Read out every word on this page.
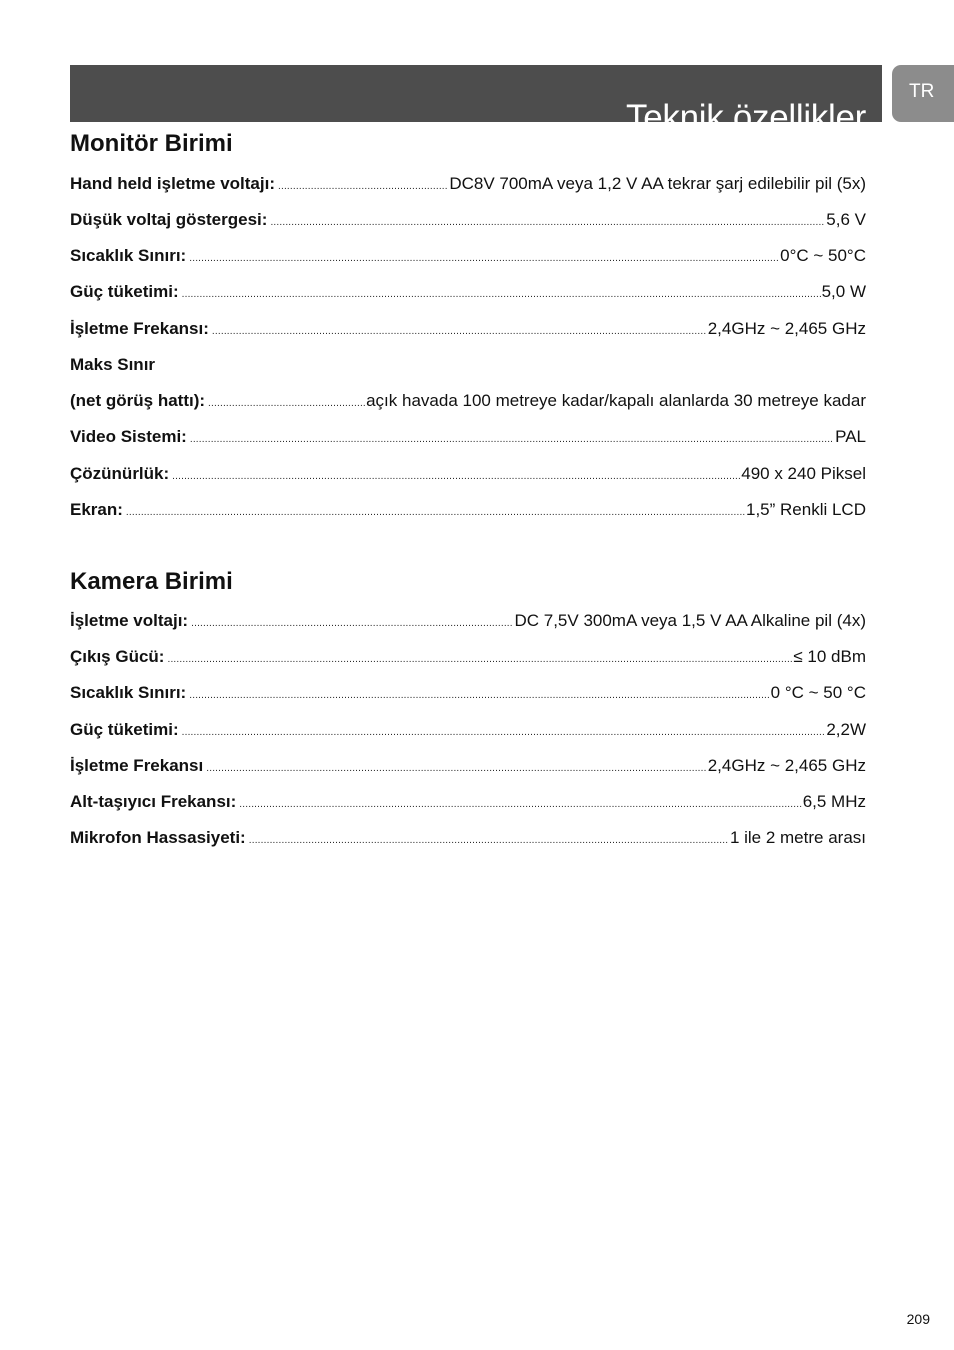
Teknik özellikler
TR
Monitör Birimi
Hand held işletme voltajı: .....	DC8V 700mA veya 1,2 V AA tekrar şarj edilebilir pil (5x)
Düşük voltaj göstergesi: .....	5,6 V
Sıcaklık Sınırı: .....	0°C ~ 50°C
Güç tüketimi: .....	5,0 W
İşletme Frekansı: .....	2,4GHz ~ 2,465 GHz
Maks Sınır
(net görüş hattı): .....	açık havada 100 metreye kadar/kapalı alanlarda 30 metreye kadar
Video Sistemi: .....	PAL
Çözünürlük: .....	490 x 240 Piksel
Ekran: .....	1,5” Renkli LCD
Kamera Birimi
İşletme voltajı: .....	DC 7,5V 300mA veya 1,5 V AA Alkaline pil (4x)
Çıkış Gücü: .....	≤ 10 dBm
Sıcaklık Sınırı: .....	0 °C ~ 50 °C
Güç tüketimi: .....	2,2W
İşletme Frekansı .....	2,4GHz ~ 2,465 GHz
Alt-taşıyıcı Frekansı: .....	6,5 MHz
Mikrofon Hassasiyeti: .....	1 ile 2 metre arası
209
